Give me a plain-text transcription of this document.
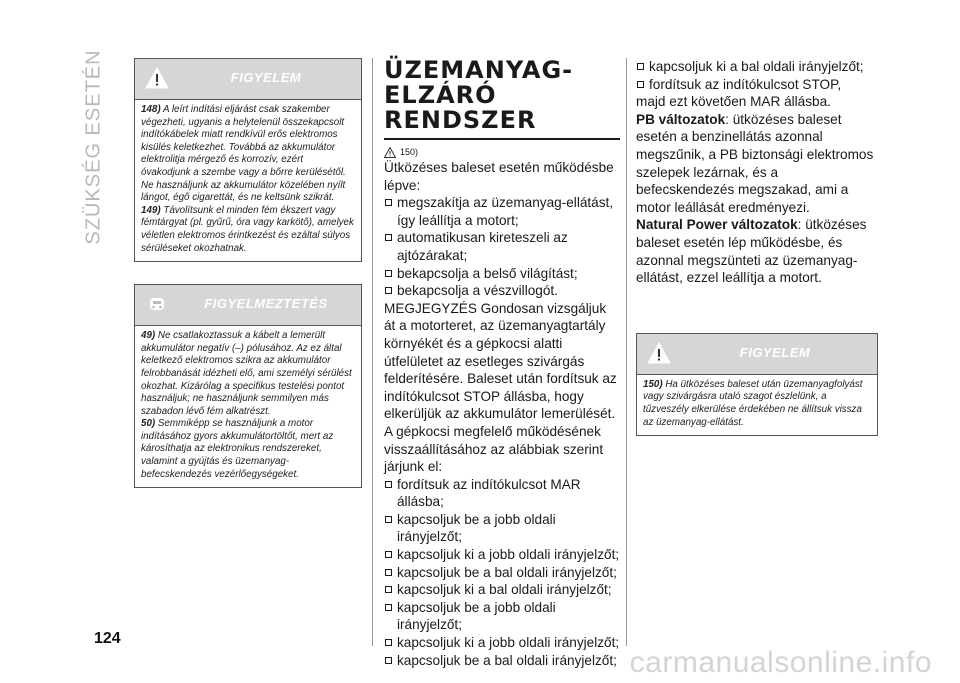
SZÜKSÉG ESETÉN
124
carmanualsonline.info
FIGYELEM

148) A leírt indítási eljárást csak szakember végezheti, ugyanis a helytelenül összekapcsolt indítókábelek miatt rendkívül erős elektromos kisülés keletkezhet. Továbbá az akkumulátor elektrolitja mérgező és korrozív, ezért óvakodjunk a szembe vagy a bőrre kerülésétől. Ne használjunk az akkumulátor közelében nyílt lángot, égő cigarettát, és ne keltsünk szikrát.

149) Távolítsunk el minden fém ékszert vagy fémtárgyat (pl. gyűrű, óra vagy karkötő), amelyek véletlen elektromos érintkezést és ezáltal súlyos sérüléseket okozhatnak.

FIGYELMEZTETÉS

49) Ne csatlakoztassuk a kábelt a lemerült akkumulátor negatív (–) pólusához. Az ez által keletkező elektromos szikra az akkumulátor felrobbanását idézheti elő, ami személyi sérülést okozhat. Kizárólag a specifikus testelési pontot használjuk; ne használjunk semmilyen más szabadon lévő fém alkatrészt.

50) Semmiképp se használjunk a motor indításához gyors akkumulátortöltőt, mert az károsíthatja az elektronikus rendszereket, valamint a gyújtás és üzemanyag-befecskendezés vezérlőegységeket.

ÜZEMANYAG-
ELZÁRÓ RENDSZER
150)

Ütközéses baleset esetén működésbe lépve:

megszakítja az üzemanyag-ellátást, így leállítja a motort;
automatikusan kireteszeli az ajtózárakat;
bekapcsolja a belső világítást;
bekapcsolja a vészvillogót.

MEGJEGYZÉS Gondosan vizsgáljuk át a motorteret, az üzemanyagtartály környékét és a gépkocsi alatti útfelületet az esetleges szivárgás felderítésére. Baleset után fordítsuk az indítókulcsot STOP állásba, hogy elkerüljük az akkumulátor lemerülését.

A gépkocsi megfelelő működésének visszaállításához az alábbiak szerint járjunk el:

fordítsuk az indítókulcsot MAR állásba;
kapcsoljuk be a jobb oldali irányjelzőt;
kapcsoljuk ki a jobb oldali irányjelzőt;
kapcsoljuk be a bal oldali irányjelzőt;
kapcsoljuk ki a bal oldali irányjelzőt;
kapcsoljuk be a jobb oldali irányjelzőt;
kapcsoljuk ki a jobb oldali irányjelzőt;
kapcsoljuk be a bal oldali irányjelzőt;
kapcsoljuk ki a bal oldali irányjelzőt;
fordítsuk az indítókulcsot STOP,

majd ezt követően MAR állásba.

PB változatok: ütközéses baleset esetén a benzinellátás azonnal megszűnik, a PB biztonsági elektromos szelepek lezárnak, és a befecskendezés megszakad, ami a motor leállását eredményezi.

Natural Power változatok: ütközéses baleset esetén lép működésbe, és azonnal megszünteti az üzemanyag-ellátást, ezzel leállítja a motort.

FIGYELEM

150) Ha ütközéses baleset után üzemanyagfolyást vagy szivárgásra utaló szagot észlelünk, a tűzveszély elkerülése érdekében ne állítsuk vissza az üzemanyag-ellátást.
